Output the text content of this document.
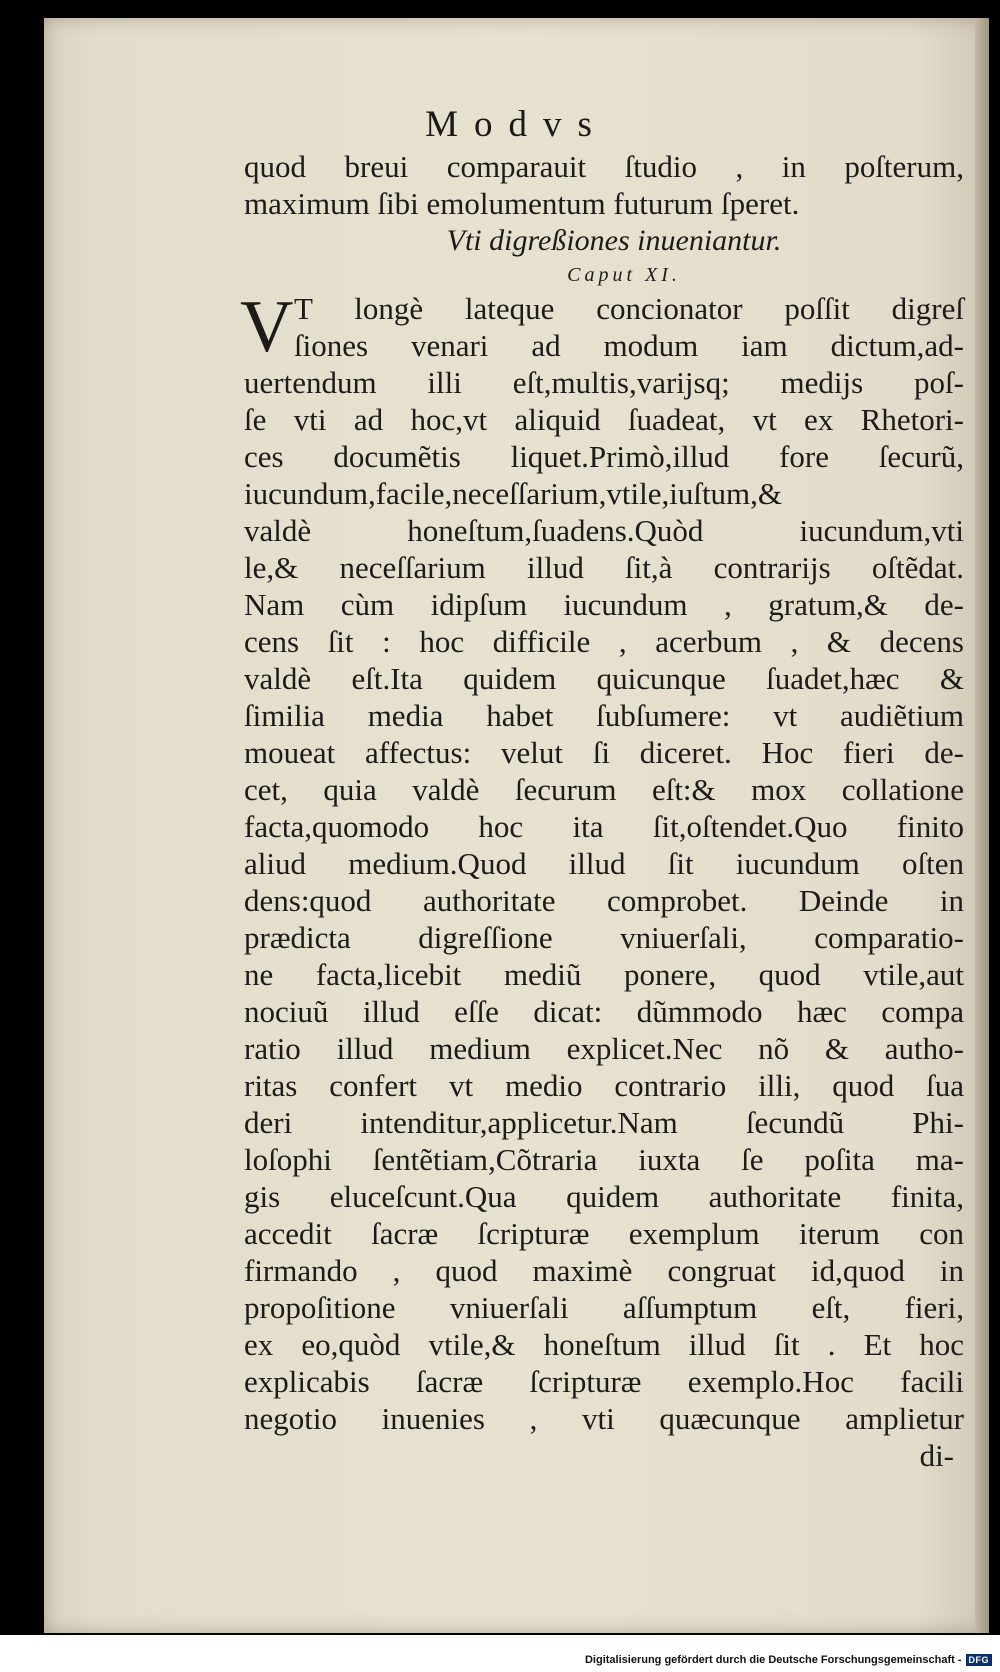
Modvs
quod breui comparauit ſtudio , in poſterum,
maximum ſibi emolumentum futurum ſperet.
Vti digreßiones inueniantur.
Caput XI.
V T longè lateque concionator poſſit digreſ
ſiones venari ad modum iam dictum,ad-
uertendum illi eſt,multis,varijsq; medijs poſ-
ſe vti ad hoc,vt aliquid ſuadeat, vt ex Rhetori-
ces documẽtis liquet.Primò,illud fore ſecurũ,
iucundum,facile,neceſſarium,vtile,iuſtum,&
valdè honeſtum,ſuadens.Quòd iucundum,vti
le,& neceſſarium illud ſit,à contrarijs oſtẽdat.
Nam cùm idipſum iucundum , gratum,& de-
cens ſit : hoc difficile , acerbum , & decens
valdè eſt.Ita quidem quicunque ſuadet,hæc &
ſimilia media habet ſubſumere: vt audiẽtium
moueat affectus: velut ſi diceret. Hoc fieri de-
cet, quia valdè ſecurum eſt:& mox collatione
facta,quomodo hoc ita ſit,oſtendet.Quo finito
aliud medium.Quod illud ſit iucundum oſten
dens:quod authoritate comprobet. Deinde in
prædicta digreſſione vniuerſali, comparatio-
ne facta,licebit mediũ ponere, quod vtile,aut
nociuũ illud eſſe dicat: dũmmodo hæc compa
ratio illud medium explicet.Nec nõ & autho-
ritas confert vt medio contrario illi, quod ſua
deri intenditur,applicetur.Nam ſecundũ Phi-
loſophi ſentẽtiam,Cõtraria iuxta ſe poſita ma-
gis eluceſcunt.Qua quidem authoritate finita,
accedit ſacræ ſcripturæ exemplum iterum con
firmando , quod maximè congruat id,quod in
propoſitione vniuerſali aſſumptum eſt, fieri,
ex eo,quòd vtile,& honeſtum illud ſit . Et hoc
explicabis ſacræ ſcripturæ exemplo.Hoc facili
negotio inuenies , vti quæcunque amplietur
di-
Digitalisierung gefördert durch die Deutsche Forschungsgemeinschaft - DFG
